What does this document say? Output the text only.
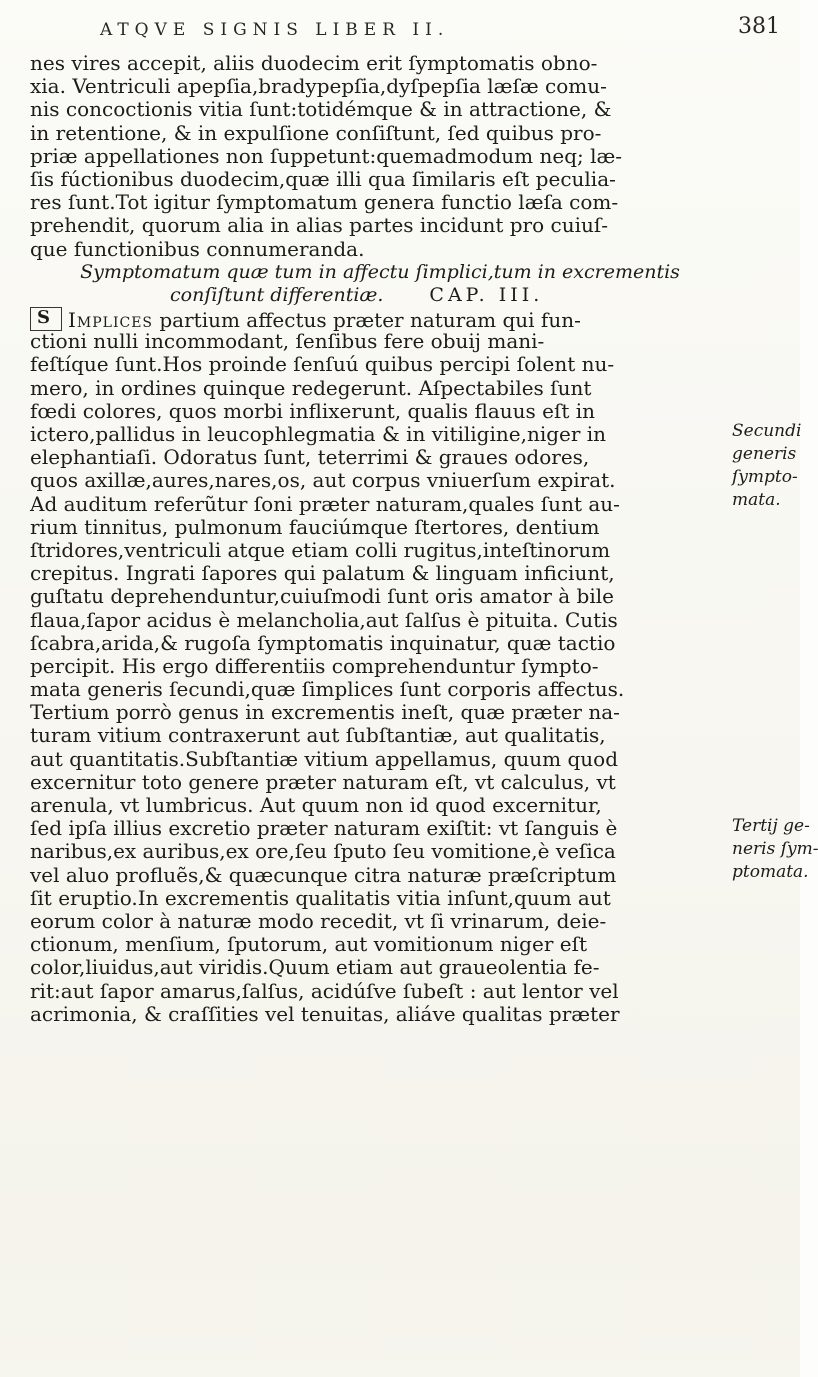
ATQVE SIGNIS LIBER II.	381
nes vires accepit, aliis duodecim erit ſymptomatis obno-
xia. Ventriculi apepſia,bradypepſia,dyſpepſia læſæ comu-
nis concoctionis vitia ſunt:totidémque & in attractione, &
in retentione, & in expulſione conſiſtunt, ſed quibus pro-
priæ appellationes non ſuppetunt:quemadmodum neq; læ-
ſis fúctionibus duodecim,quæ illi qua ſimilaris eſt peculia-
res ſunt.Tot igitur ſymptomatum genera functio læſa com-
prehendit, quorum alia in alias partes incidunt pro cuiuſ-
que functionibus connumeranda.
Symptomatum quæ tum in affectu ſimplici,tum in excrementis
conſiſtunt differentiæ. CAP. III.
S Implices partium affectus præter naturam qui fun-
ctioni nulli incommodant, ſenſibus fere obuij mani-
feſtíque ſunt.Hos proinde ſenſuú quibus percipi ſolent nu-
mero, in ordines quinque redegerunt. Aſpectabiles ſunt
fœdi colores, quos morbi inflixerunt, qualis flauus eſt in
ictero,pallidus in leucophlegmatia & in vitiligine,niger in
elephantiaſi. Odoratus ſunt, teterrimi & graues odores,
quos axillæ,aures,nares,os, aut corpus vniuerſum expirat.
Ad auditum referũtur ſoni præter naturam,quales ſunt au-
rium tinnitus, pulmonum fauciúmque ſtertores, dentium
ſtridores,ventriculi atque etiam colli rugitus,inteſtinorum
crepitus. Ingrati ſapores qui palatum & linguam inficiunt,
guſtatu deprehenduntur,cuiuſmodi ſunt oris amator à bile
flaua,ſapor acidus è melancholia,aut ſalſus è pituita. Cutis
ſcabra,arida,& rugoſa ſymptomatis inquinatur, quæ tactio
percipit. His ergo differentiis comprehenduntur ſympto-
mata generis ſecundi,quæ ſimplices ſunt corporis affectus.
Tertium porrò genus in excrementis ineſt, quæ præter na-
turam vitium contraxerunt aut ſubſtantiæ, aut qualitatis,
aut quantitatis.Subſtantiæ vitium appellamus, quum quod
excernitur toto genere præter naturam eſt, vt calculus, vt
arenula, vt lumbricus. Aut quum non id quod excernitur,
ſed ipſa illius excretio præter naturam exiſtit: vt ſanguis è
naribus,ex auribus,ex ore,ſeu ſputo ſeu vomitione,è veſica
vel aluo profluẽs,& quæcunque citra naturæ præſcriptum
ſit eruptio.In excrementis qualitatis vitia inſunt,quum aut
eorum color à naturæ modo recedit, vt ſi vrinarum, deie-
ctionum, menſium, ſputorum, aut vomitionum niger eſt
color,liuidus,aut viridis.Quum etiam aut graueolentia fe-
rit:aut ſapor amarus,ſalſus, acidúſve ſubeſt : aut lentor vel
acrimonia, & craſſities vel tenuitas, aliáve qualitas præter
Secundi
generis
ſympto-
mata.
Tertij ge-
neris ſym-
ptomata.
